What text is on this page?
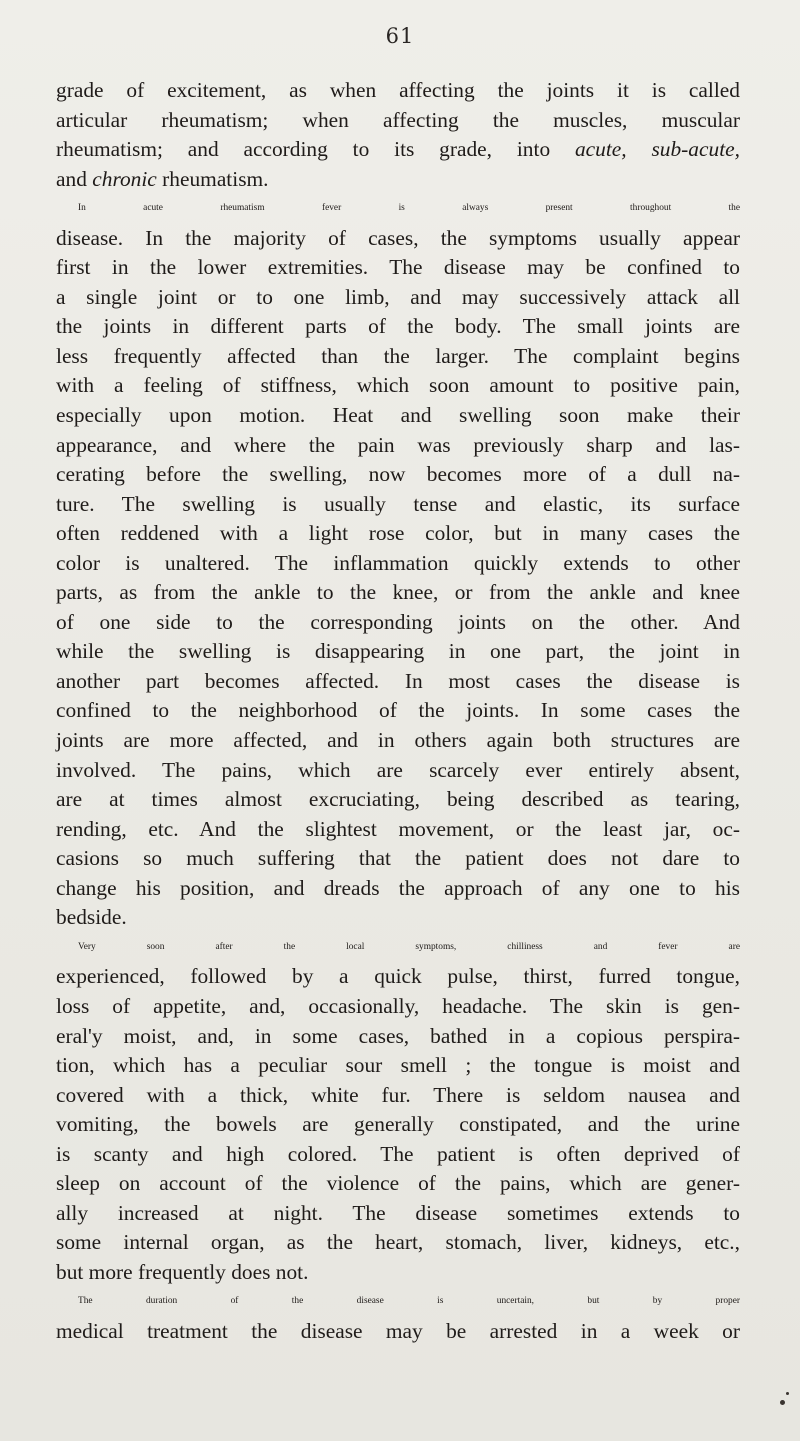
61
grade of excitement, as when affecting the joints it is called
articular rheumatism; when affecting the muscles, muscular
rheumatism; and according to its grade, into acute, sub-acute,
and chronic rheumatism.
In acute rheumatism fever is always present throughout the
disease. In the majority of cases, the symptoms usually appear
first in the lower extremities. The disease may be confined to
a single joint or to one limb, and may successively attack all
the joints in different parts of the body. The small joints are
less frequently affected than the larger. The complaint begins
with a feeling of stiffness, which soon amount to positive pain,
especially upon motion. Heat and swelling soon make their
appearance, and where the pain was previously sharp and las-
cerating before the swelling, now becomes more of a dull na-
ture. The swelling is usually tense and elastic, its surface
often reddened with a light rose color, but in many cases the
color is unaltered. The inflammation quickly extends to other
parts, as from the ankle to the knee, or from the ankle and knee
of one side to the corresponding joints on the other. And
while the swelling is disappearing in one part, the joint in
another part becomes affected. In most cases the disease is
confined to the neighborhood of the joints. In some cases the
joints are more affected, and in others again both structures are
involved. The pains, which are scarcely ever entirely absent,
are at times almost excruciating, being described as tearing,
rending, etc. And the slightest movement, or the least jar, oc-
casions so much suffering that the patient does not dare to
change his position, and dreads the approach of any one to his
bedside.
Very soon after the local symptoms, chilliness and fever are
experienced, followed by a quick pulse, thirst, furred tongue,
loss of appetite, and, occasionally, headache. The skin is gen-
eral'y moist, and, in some cases, bathed in a copious perspira-
tion, which has a peculiar sour smell ; the tongue is moist and
covered with a thick, white fur. There is seldom nausea and
vomiting, the bowels are generally constipated, and the urine
is scanty and high colored. The patient is often deprived of
sleep on account of the violence of the pains, which are gener-
ally increased at night. The disease sometimes extends to
some internal organ, as the heart, stomach, liver, kidneys, etc.,
but more frequently does not.
The duration of the disease is uncertain, but by proper
medical treatment the disease may be arrested in a week or
